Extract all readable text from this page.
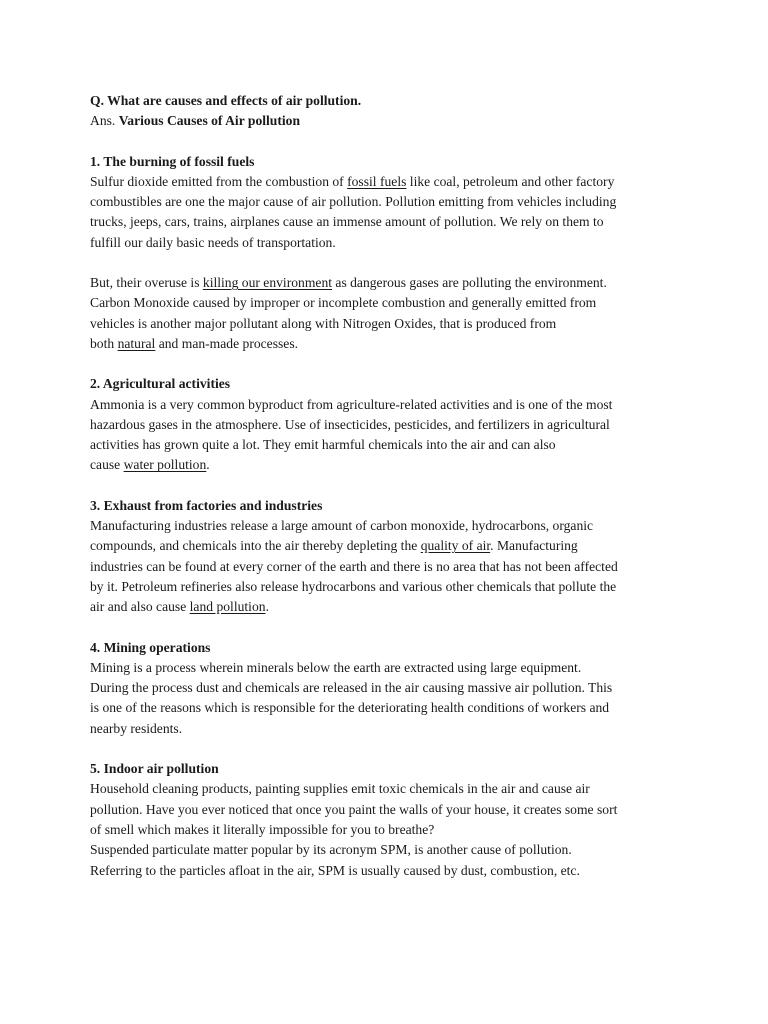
Q. What are causes and effects of air pollution.

Ans. Various Causes of Air pollution

1. The burning of fossil fuels

Sulfur dioxide emitted from the combustion of fossil fuels like coal, petroleum and other factory
combustibles are one the major cause of air pollution. Pollution emitting from vehicles including
trucks, jeeps, cars, trains, airplanes cause an immense amount of pollution. We rely on them to
fulfill our daily basic needs of transportation.

But, their overuse is killing our environment as dangerous gases are polluting the environment.
Carbon Monoxide caused by improper or incomplete combustion and generally emitted from
vehicles is another major pollutant along with Nitrogen Oxides, that is produced from
both natural and man-made processes.

2. Agricultural activities

Ammonia is a very common byproduct from agriculture-related activities and is one of the most
hazardous gases in the atmosphere. Use of insecticides, pesticides, and fertilizers in agricultural
activities has grown quite a lot. They emit harmful chemicals into the air and can also
cause water pollution.

3. Exhaust from factories and industries

Manufacturing industries release a large amount of carbon monoxide, hydrocarbons, organic
compounds, and chemicals into the air thereby depleting the quality of air. Manufacturing
industries can be found at every corner of the earth and there is no area that has not been affected
by it. Petroleum refineries also release hydrocarbons and various other chemicals that pollute the
air and also cause land pollution.

4. Mining operations

Mining is a process wherein minerals below the earth are extracted using large equipment.
During the process dust and chemicals are released in the air causing massive air pollution. This
is one of the reasons which is responsible for the deteriorating health conditions of workers and
nearby residents.

5. Indoor air pollution

Household cleaning products, painting supplies emit toxic chemicals in the air and cause air
pollution. Have you ever noticed that once you paint the walls of your house, it creates some sort
of smell which makes it literally impossible for you to breathe?
Suspended particulate matter popular by its acronym SPM, is another cause of pollution.
Referring to the particles afloat in the air, SPM is usually caused by dust, combustion, etc.
